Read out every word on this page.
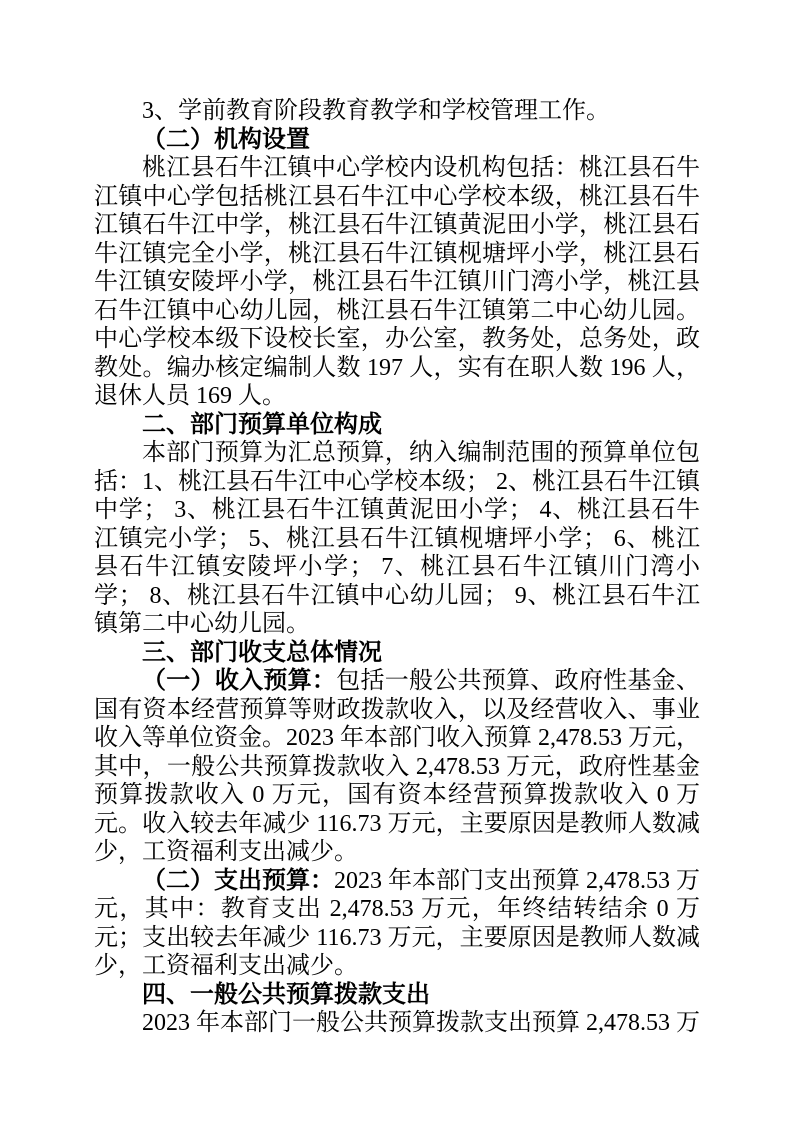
3、学前教育阶段教育教学和学校管理工作。

（二）机构设置

桃江县石牛江镇中心学校内设机构包括：桃江县石牛江镇中心学包括桃江县石牛江中心学校本级，桃江县石牛江镇石牛江中学，桃江县石牛江镇黄泥田小学，桃江县石牛江镇完全小学，桃江县石牛江镇枧塘坪小学，桃江县石牛江镇安陵坪小学，桃江县石牛江镇川门湾小学，桃江县石牛江镇中心幼儿园，桃江县石牛江镇第二中心幼儿园。中心学校本级下设校长室，办公室，教务处，总务处，政教处。编办核定编制人数 197 人，实有在职人数 196 人，退休人员 169 人。

二、部门预算单位构成

本部门预算为汇总预算，纳入编制范围的预算单位包括：1、桃江县石牛江中心学校本级； 2、桃江县石牛江镇中学； 3、桃江县石牛江镇黄泥田小学； 4、桃江县石牛江镇完小学； 5、桃江县石牛江镇枧塘坪小学； 6、桃江县石牛江镇安陵坪小学； 7、桃江县石牛江镇川门湾小学； 8、桃江县石牛江镇中心幼儿园； 9、桃江县石牛江镇第二中心幼儿园。

三、部门收支总体情况

（一）收入预算：包括一般公共预算、政府性基金、国有资本经营预算等财政拨款收入，以及经营收入、事业收入等单位资金。2023 年本部门收入预算 2,478.53 万元，其中，一般公共预算拨款收入 2,478.53 万元，政府性基金预算拨款收入 0 万元，国有资本经营预算拨款收入 0 万元。收入较去年减少 116.73 万元，主要原因是教师人数减少，工资福利支出减少。

（二）支出预算：2023 年本部门支出预算 2,478.53 万元，其中：教育支出 2,478.53 万元，年终结转结余 0 万元；支出较去年减少 116.73 万元，主要原因是教师人数减少，工资福利支出减少。

四、一般公共预算拨款支出

2023 年本部门一般公共预算拨款支出预算 2,478.53 万
